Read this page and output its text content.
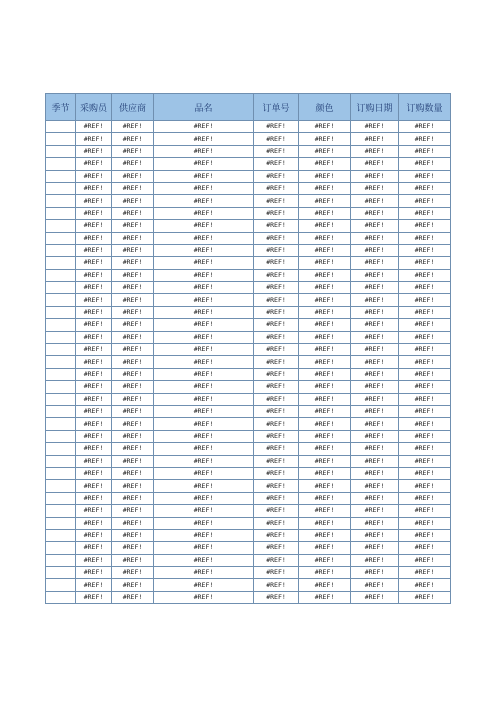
季节	采购员	供应商	品名	订单号	颜色	订购日期	订购数量
	#REF!	#REF!	#REF!	#REF!	#REF!	#REF!	#REF!
	#REF!	#REF!	#REF!	#REF!	#REF!	#REF!	#REF!
	#REF!	#REF!	#REF!	#REF!	#REF!	#REF!	#REF!
	#REF!	#REF!	#REF!	#REF!	#REF!	#REF!	#REF!
	#REF!	#REF!	#REF!	#REF!	#REF!	#REF!	#REF!
	#REF!	#REF!	#REF!	#REF!	#REF!	#REF!	#REF!
	#REF!	#REF!	#REF!	#REF!	#REF!	#REF!	#REF!
	#REF!	#REF!	#REF!	#REF!	#REF!	#REF!	#REF!
	#REF!	#REF!	#REF!	#REF!	#REF!	#REF!	#REF!
	#REF!	#REF!	#REF!	#REF!	#REF!	#REF!	#REF!
	#REF!	#REF!	#REF!	#REF!	#REF!	#REF!	#REF!
	#REF!	#REF!	#REF!	#REF!	#REF!	#REF!	#REF!
	#REF!	#REF!	#REF!	#REF!	#REF!	#REF!	#REF!
	#REF!	#REF!	#REF!	#REF!	#REF!	#REF!	#REF!
	#REF!	#REF!	#REF!	#REF!	#REF!	#REF!	#REF!
	#REF!	#REF!	#REF!	#REF!	#REF!	#REF!	#REF!
	#REF!	#REF!	#REF!	#REF!	#REF!	#REF!	#REF!
	#REF!	#REF!	#REF!	#REF!	#REF!	#REF!	#REF!
	#REF!	#REF!	#REF!	#REF!	#REF!	#REF!	#REF!
	#REF!	#REF!	#REF!	#REF!	#REF!	#REF!	#REF!
	#REF!	#REF!	#REF!	#REF!	#REF!	#REF!	#REF!
	#REF!	#REF!	#REF!	#REF!	#REF!	#REF!	#REF!
	#REF!	#REF!	#REF!	#REF!	#REF!	#REF!	#REF!
	#REF!	#REF!	#REF!	#REF!	#REF!	#REF!	#REF!
	#REF!	#REF!	#REF!	#REF!	#REF!	#REF!	#REF!
	#REF!	#REF!	#REF!	#REF!	#REF!	#REF!	#REF!
	#REF!	#REF!	#REF!	#REF!	#REF!	#REF!	#REF!
	#REF!	#REF!	#REF!	#REF!	#REF!	#REF!	#REF!
	#REF!	#REF!	#REF!	#REF!	#REF!	#REF!	#REF!
	#REF!	#REF!	#REF!	#REF!	#REF!	#REF!	#REF!
	#REF!	#REF!	#REF!	#REF!	#REF!	#REF!	#REF!
	#REF!	#REF!	#REF!	#REF!	#REF!	#REF!	#REF!
	#REF!	#REF!	#REF!	#REF!	#REF!	#REF!	#REF!
	#REF!	#REF!	#REF!	#REF!	#REF!	#REF!	#REF!
	#REF!	#REF!	#REF!	#REF!	#REF!	#REF!	#REF!
	#REF!	#REF!	#REF!	#REF!	#REF!	#REF!	#REF!
	#REF!	#REF!	#REF!	#REF!	#REF!	#REF!	#REF!
	#REF!	#REF!	#REF!	#REF!	#REF!	#REF!	#REF!
	#REF!	#REF!	#REF!	#REF!	#REF!	#REF!	#REF!
